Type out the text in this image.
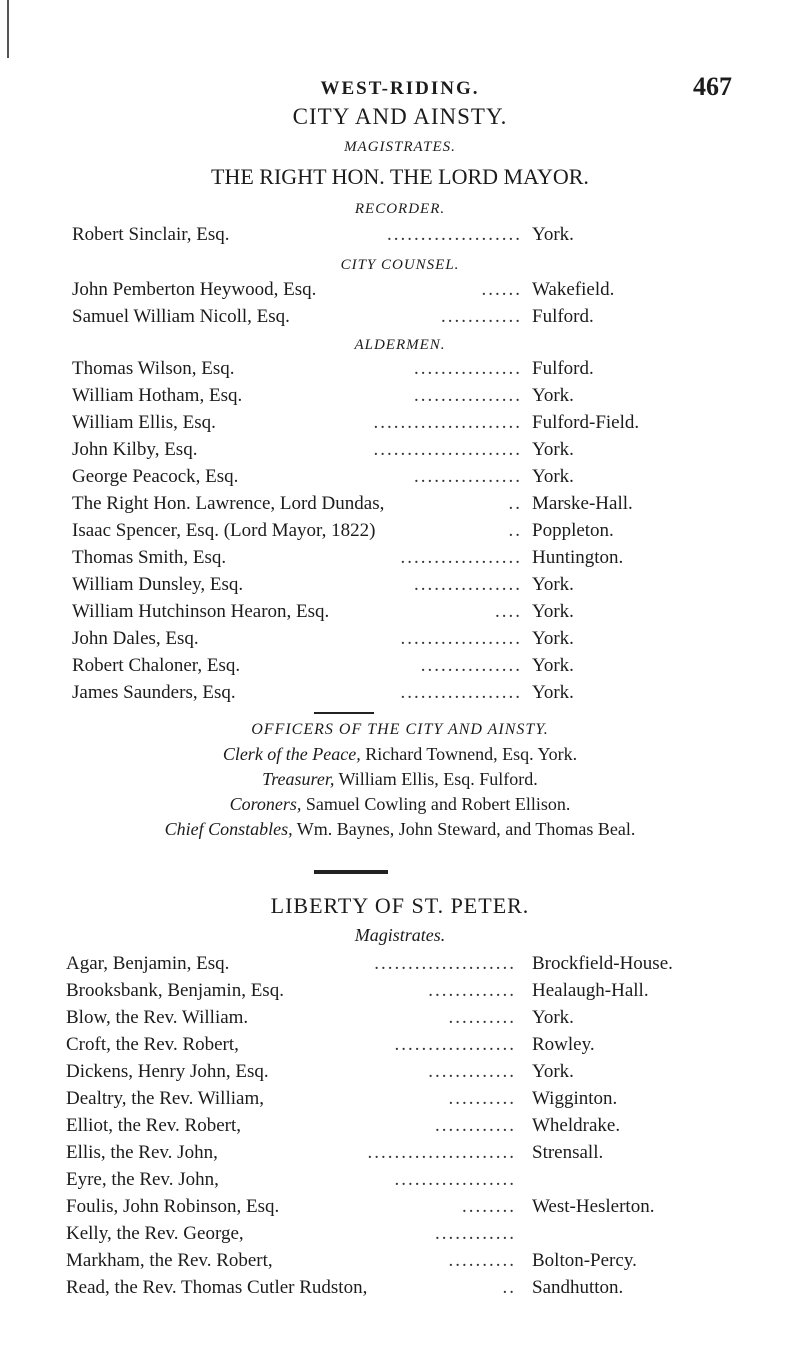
WEST-RIDING.	467
CITY AND AINSTY.
MAGISTRATES.
THE RIGHT HON. THE LORD MAYOR.
RECORDER.
Robert Sinclair, Esq.	.................... York.
CITY COUNSEL.
John Pemberton Heywood, Esq.	...... Wakefield.
Samuel William Nicoll, Esq.	............ Fulford.
ALDERMEN.
Thomas Wilson, Esq.	................ Fulford.
William Hotham, Esq.	................ York.
William Ellis, Esq.	...................... Fulford-Field.
John Kilby, Esq.	...................... York.
George Peacock, Esq.	................ York.
The Right Hon. Lawrence, Lord Dundas,	.. Marske-Hall.
Isaac Spencer, Esq. (Lord Mayor, 1822)	.. Poppleton.
Thomas Smith, Esq.	.................. Huntington.
William Dunsley, Esq.	................ York.
William Hutchinson Hearon, Esq.	.... York.
John Dales, Esq.	.................. York.
Robert Chaloner, Esq.	............... York.
James Saunders, Esq.	.................. York.
OFFICERS OF THE CITY AND AINSTY.
Clerk of the Peace, Richard Townend, Esq. York.
Treasurer, William Ellis, Esq. Fulford.
Coroners, Samuel Cowling and Robert Ellison.
Chief Constables, Wm. Baynes, John Steward, and Thomas Beal.
LIBERTY OF ST. PETER.
Magistrates.
Agar, Benjamin, Esq.	..................... Brockfield-House.
Brooksbank, Benjamin, Esq.	............. Healaugh-Hall.
Blow, the Rev. William.	.......... York.
Croft, the Rev. Robert,	.................. Rowley.
Dickens, Henry John, Esq.	............. York.
Dealtry, the Rev. William,	.......... Wigginton.
Elliot, the Rev. Robert,	............ Wheldrake.
Ellis, the Rev. John,	...................... Strensall.
Eyre, the Rev. John,	..................
Foulis, John Robinson, Esq.	........ West-Heslerton.
Kelly, the Rev. George,	............
Markham, the Rev. Robert,	.......... Bolton-Percy.
Read, the Rev. Thomas Cutler Rudston,	.. Sandhutton.
